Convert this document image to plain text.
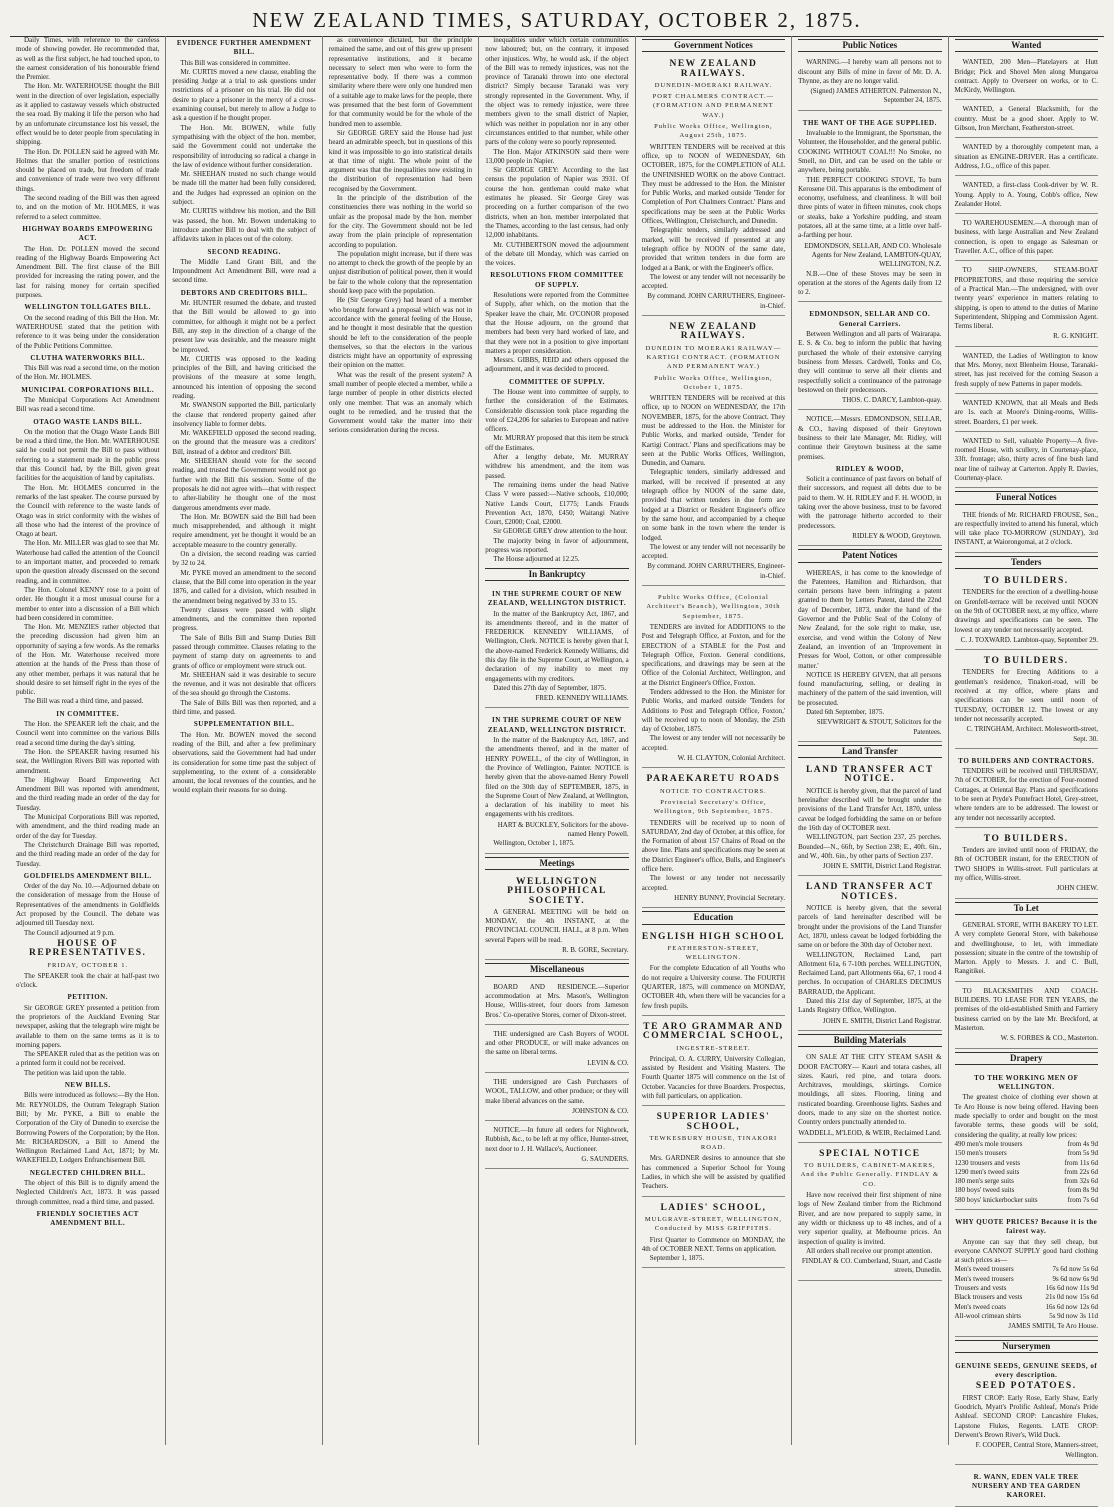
NEW ZEALAND TIMES, SATURDAY, OCTOBER 2, 1875.

Daily Times, with reference to the careless mode of showing powder. He recommended that, as well as the first subject, he had touched upon, to the earnest consideration of his honourable friend the Premier.

The Hon. Mr. WATERHOUSE thought the Bill went in the direction of over legislation, especially as it applied to castaway vessels which obstructed the sea road. By making it life the person who had by an unfortunate circumstance lost his vessel, the effect would be to deter people from speculating in shipping.

The Hon. Dr. POLLEN said he agreed with Mr. Holmes that the smaller portion of restrictions should be placed on trade, but freedom of trade and convenience of trade were two very different things.

The second reading of the Bill was then agreed to, and on the motion of Mr. HOLMES, it was referred to a select committee.

HIGHWAY BOARDS EMPOWERING ACT.

The Hon. Dr. POLLEN moved the second reading of the Highway Boards Empowering Act Amendment Bill. The first clause of the Bill provided for increasing the rating power, and the last for raising money for certain specified purposes.

WELLINGTON TOLLGATES BILL.

On the second reading of this Bill the Hon. Mr. WATERHOUSE stated that the petition with reference to it was being under the consideration of the Public Petitions Committee.

CLUTHA WATERWORKS BILL.

This Bill was read a second time, on the motion of the Hon. Mr. HOLMES.

MUNICIPAL CORPORATIONS BILL.

The Municipal Corporations Act Amendment Bill was read a second time.

OTAGO WASTE LANDS BILL.

On the motion that the Otago Waste Lands Bill be read a third time, the Hon. Mr. WATERHOUSE said he could not permit the Bill to pass without referring to a statement made in the public press that this Council had, by the Bill, given great facilities for the acquisition of land by capitalists.

The Hon. Mr. HOLMES concurred in the remarks of the last speaker. The course pursued by the Council with reference to the waste lands of Otago was in strict conformity with the wishes of all those who had the interest of the province of Otago at heart.

The Hon. Mr. MILLER was glad to see that Mr. Waterhouse had called the attention of the Council to an important matter, and proceeded to remark upon the question already discussed on the second reading, and in committee.

The Hon. Colonel KENNY rose to a point of order. He thought it a most unusual course for a member to enter into a discussion of a Bill which had been considered in committee.

The Hon. Mr. MENZIES rather objected that the preceding discussion had given him an opportunity of saying a few words. As the remarks of the Hon. Mr. Waterhouse received more attention at the hands of the Press than those of any other member, perhaps it was natural that he should desire to set himself right in the eyes of the public.

The Bill was read a third time, and passed.

IN COMMITTEE.

The Hon. the SPEAKER left the chair, and the Council went into committee on the various Bills read a second time during the day's sitting.

The Hon. the SPEAKER having resumed his seat, the Wellington Rivers Bill was reported with amendment.

The Highway Board Empowering Act Amendment Bill was reported with amendment, and the third reading made an order of the day for Tuesday.

The Municipal Corporations Bill was reported, with amendment, and the third reading made an order of the day for Tuesday.

The Christchurch Drainage Bill was reported, and the third reading made an order of the day for Tuesday.

GOLDFIELDS AMENDMENT BILL.

Order of the day No. 10.—Adjourned debate on the consideration of message from the House of Representatives of the amendments in Goldfields Act proposed by the Council. The debate was adjourned till Tuesday next.

The Council adjourned at 9 p.m.

HOUSE OF REPRESENTATIVES.
FRIDAY, OCTOBER 1.

The SPEAKER took the chair at half-past two o'clock.

PETITION.

Sir GEORGE GREY presented a petition from the proprietors of the Auckland Evening Star newspaper, asking that the telegraph wire might be available to them on the same terms as it is to morning papers.

The SPEAKER ruled that as the petition was on a printed form it could not be received.

The petition was laid upon the table.

NEW BILLS.

Bills were introduced as follows:—By the Hon. Mr. REYNOLDS, the Outram Telegraph Station Bill; by Mr. PYKE, a Bill to enable the Corporation of the City of Dunedin to exercise the Borrowing Powers of the Corporation; by the Hon. Mr. RICHARDSON, a Bill to Amend the Wellington Reclaimed Land Act, 1871; by Mr. WAKEFIELD, Lodgers Enfranchisement Bill.

NEGLECTED CHILDREN BILL.

The object of this Bill is to dignify amend the Neglected Children's Act, 1873. It was passed through committee, read a third time, and passed.

FRIENDLY SOCIETIES ACT AMENDMENT BILL.
EVIDENCE FURTHER AMENDMENT BILL.

This Bill was considered in committee.

Mr. CURTIS moved a new clause, enabling the presiding Judge at a trial to ask questions under restrictions of a prisoner on his trial. He did not desire to place a prisoner in the mercy of a cross-examining counsel, but merely to allow a Judge to ask a question if he thought proper.

The Hon. Mr. BOWEN, while fully sympathising with the object of the hon. member, said the Government could not undertake the responsibility of introducing so radical a change in the law of evidence without further consideration.

Mr. SHEEHAN trusted no such change would be made till the matter had been fully considered, and the Judges had expressed an opinion on the subject.

Mr. CURTIS withdrew his motion, and the Bill was passed, the hon. Mr. Bowen undertaking to introduce another Bill to deal with the subject of affidavits taken in places out of the colony.

SECOND READING.

The Middle Land Grant Bill, and the Impoundment Act Amendment Bill, were read a second time.

DEBTORS AND CREDITORS BILL.

Mr. HUNTER resumed the debate, and trusted that the Bill would be allowed to go into committee, for although it might not be a perfect Bill, any step in the direction of a change of the present law was desirable, and the measure might be improved.

Mr. CURTIS was opposed to the leading principles of the Bill, and having criticised the provisions of the measure at some length, announced his intention of opposing the second reading.

Mr. SWANSON supported the Bill, particularly the clause that rendered property gained after insolvency liable to former debts.

Mr. WAKEFIELD opposed the second reading, on the ground that the measure was a creditors' Bill, instead of a debtor and creditors' Bill.

Mr. SHEEHAN should vote for the second reading, and trusted the Government would not go further with the Bill this session. Some of the proposals he did not agree with—that with respect to after-liability he thought one of the most dangerous amendments ever made.

The Hon. Mr. BOWEN said the Bill had been much misapprehended, and although it might require amendment, yet he thought it would be an acceptable measure to the country generally.

On a division, the second reading was carried by 32 to 24.

Mr. PYKE moved an amendment to the second clause, that the Bill come into operation in the year 1876, and called for a division, which resulted in the amendment being negatived by 33 to 15.

Twenty clauses were passed with slight amendments, and the committee then reported progress.

The Sale of Bills Bill and Stamp Duties Bill passed through committee. Clauses relating to the payment of stamp duty on agreements to and grants of office or employment were struck out.

Mr. SHEEHAN said it was desirable to secure the revenue, and it was not desirable that officers of the sea should go through the Customs.

The Sale of Bills Bill was then reported, and a third time, and passed.

SUPPLEMENTATION BILL.

The Hon. Mr. BOWEN moved the second reading of the Bill, and after a few preliminary observations, said the Government had had under its consideration for some time past the subject of supplementing, to the extent of a considerable amount, the local revenues of the counties, and he would explain their reasons for so doing.

as convenience dictated, but the principle remained the same, and out of this grew up present representative institutions, and it became necessary to select men who were to form the representative body. If there was a common similarity where there were only one hundred men of a suitable age to make laws for the people, there was presumed that the best form of Government for that community would be for the whole of the hundred men to assemble.

Sir GEORGE GREY said the House had just heard an admirable speech, but in questions of this kind it was impossible to go into statistical details at that time of night. The whole point of the argument was that the inequalities now existing in the distribution of representation had been recognised by the Government.

In the principle of the distribution of the constituencies there was nothing in the world so unfair as the proposal made by the hon. member for the city. The Government should not be led away from the plain principle of representation according to population.

The population might increase, but if there was no attempt to check the growth of the people by an unjust distribution of political power, then it would be fair to the whole colony that the representation should keep pace with the population.

He (Sir George Grey) had heard of a member who brought forward a proposal which was not in accordance with the general feeling of the House, and he thought it most desirable that the question should be left to the consideration of the people themselves, so that the electors in the various districts might have an opportunity of expressing their opinion on the matter.

What was the result of the present system? A small number of people elected a member, while a large number of people in other districts elected only one member. That was an anomaly which ought to be remedied, and he trusted that the Government would take the matter into their serious consideration during the recess.

inequalities under which certain communities now laboured; but, on the contrary, it imposed other injustices. Why, he would ask, if the object of the Bill was to remedy injustices, was not the province of Taranaki thrown into one electoral district? Simply because Taranaki was very strongly represented in the Government. Why, if the object was to remedy injustice, were three members given to the small district of Napier, which was neither in population nor in any other circumstances entitled to that number, while other parts of the colony were so poorly represented.

The Hon. Major ATKINSON said there were 13,000 people in Napier.

Sir GEORGE GREY: According to the last census the population of Napier was 3931. Of course the hon. gentleman could make what estimates he pleased. Sir George Grey was proceeding on a further comparison of the two districts, when an hon. member interpolated that the Thames, according to the last census, had only 12,000 inhabitants.

Mr. CUTHBERTSON moved the adjournment of the debate till Monday, which was carried on the voices.

RESOLUTIONS FROM COMMITTEE OF SUPPLY.

Resolutions were reported from the Committee of Supply, after which, on the motion that the Speaker leave the chair, Mr. O'CONOR proposed that the House adjourn, on the ground that members had been very hard worked of late, and that they were not in a position to give important matters a proper consideration.

Messrs. GIBBS, REID and others opposed the adjournment, and it was decided to proceed.

COMMITTEE OF SUPPLY.

The House went into committee of supply, to further the consideration of the Estimates. Considerable discussion took place regarding the vote of £24,206 for salaries to European and native officers.

Mr. MURRAY proposed that this item be struck off the Estimates.

After a lengthy debate, Mr. MURRAY withdrew his amendment, and the item was passed.

The remaining items under the head Native Class V were passed:—Native schools, £10,000; Native Lands Court, £1775; Lands Frauds Prevention Act, 1870, £450; Waitangi Native Court, £2000; Coal, £2000.

Sir GEORGE GREY drew attention to the hour.

The majority being in favor of adjournment, progress was reported.

The House adjourned at 12.25.

In Bankruptcy
IN THE SUPREME COURT OF NEW ZEALAND, WELLINGTON DISTRICT.

In the matter of the Bankruptcy Act, 1867, and its amendments thereof, and in the matter of FREDERICK KENNEDY WILLIAMS, of Wellington, Clerk. NOTICE is hereby given that I, the above-named Frederick Kennedy Williams, did this day file in the Supreme Court, at Wellington, a declaration of my inability to meet my engagements with my creditors.

Dated this 27th day of September, 1875.

FRED. KENNEDY WILLIAMS.
IN THE SUPREME COURT OF NEW ZEALAND, WELLINGTON DISTRICT.

In the matter of the Bankruptcy Act, 1867, and the amendments thereof, and in the matter of HENRY POWELL, of the city of Wellington, in the Province of Wellington, Painter. NOTICE is hereby given that the above-named Henry Powell filed on the 30th day of SEPTEMBER, 1875, in the Supreme Court of New Zealand, at Wellington, a declaration of his inability to meet his engagements with his creditors.

HART & BUCKLEY, Solicitors for the above-named Henry Powell.

Wellington, October 1, 1875.

Meetings
WELLINGTON PHILOSOPHICAL SOCIETY.

A GENERAL MEETING will be held on MONDAY, the 4th INSTANT, at the PROVINCIAL COUNCIL HALL, at 8 p.m. When several Papers will be read.

R. B. GORE, Secretary.
Miscellaneous

BOARD AND RESIDENCE.—Superior accommodation at Mrs. Mason's, Wellington House, Willis-street, four doors from Jameson Bros.' Co-operative Stores, corner of Dixon-street.

THE undersigned are Cash Buyers of WOOL and other PRODUCE, or will make advances on the same on liberal terms.

LEVIN & CO.

THE undersigned are Cash Purchasers of WOOL, TALLOW, and other produce; or they will make liberal advances on the same.

JOHNSTON & CO.

NOTICE.—In future all orders for Nightwork, Rubbish, &c., to be left at my office, Hunter-street, next door to J. H. Wallace's, Auctioneer.

G. SAUNDERS.
Government Notices
NEW ZEALAND RAILWAYS.
DUNEDIN-MOERAKI RAILWAY.
PORT CHALMERS CONTRACT.—(FORMATION AND PERMANENT WAY.)
Public Works Office, Wellington, August 25th, 1875.

WRITTEN TENDERS will be received at this office, up to NOON of WEDNESDAY, 6th OCTOBER, 1875, for the COMPLETION of ALL the UNFINISHED WORK on the above Contract. They must be addressed to the Hon. the Minister for Public Works, and marked outside 'Tender for Completion of Port Chalmers Contract.' Plans and specifications may be seen at the Public Works Offices, Wellington, Christchurch, and Dunedin.

Telegraphic tenders, similarly addressed and marked, will be received if presented at any telegraph office by NOON of the same date, provided that written tenders in due form are lodged at a Bank, or with the Engineer's office.

The lowest or any tender will not necessarily be accepted.

By command. JOHN CARRUTHERS, Engineer-in-Chief.
NEW ZEALAND RAILWAYS.
DUNEDIN TO MOERAKI RAILWAY—KARTIGI CONTRACT. (FORMATION AND PERMANENT WAY.)
Public Works Office, Wellington, October 1, 1875.

WRITTEN TENDERS will be received at this office, up to NOON on WEDNESDAY, the 17th NOVEMBER, 1875, for the above Contract. They must be addressed to the Hon. the Minister for Public Works, and marked outside, 'Tender for Kartigi Contract.' Plans and specifications may be seen at the Public Works Offices, Wellington, Dunedin, and Oamaru.

Telegraphic tenders, similarly addressed and marked, will be received if presented at any telegraph office by NOON of the same date, provided that written tenders in due form are lodged at a District or Resident Engineer's office by the same hour, and accompanied by a cheque on some bank in the town where the tender is lodged.

The lowest or any tender will not necessarily be accepted.

By command. JOHN CARRUTHERS, Engineer-in-Chief.
Public Works Office, (Colonial Architect's Branch), Wellington, 30th September, 1875.

TENDERS are invited for ADDITIONS to the Post and Telegraph Office, at Foxton, and for the ERECTION of a STABLE for the Post and Telegraph Office, Foxton. General conditions, specifications, and drawings may be seen at the Office of the Colonial Architect, Wellington, and at the District Engineer's Office, Foxton.

Tenders addressed to the Hon. the Minister for Public Works, and marked outside 'Tenders for Additions to Post and Telegraph Office, Foxton,' will be received up to noon of Monday, the 25th day of October, 1875.

The lowest or any tender will not necessarily be accepted.

W. H. CLAYTON, Colonial Architect.
PARAEKARETU ROADS
NOTICE TO CONTRACTORS.
Provincial Secretary's Office, Wellington, 9th September, 1875.

TENDERS will be received up to noon of SATURDAY, 2nd day of October, at this office, for the Formation of about 157 Chains of Road on the above line. Plans and specifications may be seen at the District Engineer's office, Bulls, and Engineer's office here.

The lowest or any tender not necessarily accepted.

HENRY BUNNY, Provincial Secretary.
Education
ENGLISH HIGH SCHOOL
FEATHERSTON-STREET, WELLINGTON.

For the complete Education of all Youths who do not require a University course. The FOURTH QUARTER, 1875, will commence on MONDAY, OCTOBER 4th, when there will be vacancies for a few fresh pupils.

TE ARO GRAMMAR AND COMMERCIAL SCHOOL,
INGESTRE-STREET.

Principal, O. A. CURRY, University Collegian, assisted by Resident and Visiting Masters. The Fourth Quarter 1875 will commence on the 1st of October. Vacancies for three Boarders. Prospectus, with full particulars, on application.

SUPERIOR LADIES' SCHOOL,
TEWKESBURY HOUSE, TINAKORI ROAD.

Mrs. GARDNER desires to announce that she has commenced a Superior School for Young Ladies, in which she will be assisted by qualified Teachers.

LADIES' SCHOOL,
MULGRAVE-STREET, WELLINGTON, Conducted by MISS GRIFFITHS.

First Quarter to Commence on MONDAY, the 4th of OCTOBER NEXT. Terms on application.

September 1, 1875.

Public Notices

WARNING.—I hereby warn all persons not to discount any Bills of mine in favor of Mr. D. A. Thynne, as they are no longer valid.

(Signed) JAMES ATHERTON. Palmerston N., September 24, 1875.
THE WANT OF THE AGE SUPPLIED.

Invaluable to the Immigrant, the Sportsman, the Volunteer, the Householder, and the general public. COOKING WITHOUT COAL!!! No Smoke, no Smell, no Dirt, and can be used on the table or anywhere, being portable.

THE PERFECT COOKING STOVE, To burn Kerosene Oil. This apparatus is the embodiment of economy, usefulness, and cleanliness. It will boil three pints of water in fifteen minutes, cook chops or steaks, bake a Yorkshire pudding, and steam potatoes, all at the same time, at a little over half-a-farthing per hour.

EDMONDSON, SELLAR, AND CO. Wholesale Agents for New Zealand, LAMBTON-QUAY, WELLINGTON, N.Z.

N.B.—One of these Stoves may be seen in operation at the stores of the Agents daily from 12 to 2.

EDMONDSON, SELLAR AND CO. General Carriers.

Between Wellington and all parts of Wairarapa. E. S. & Co. beg to inform the public that having purchased the whole of their extensive carrying business from Messrs. Cardwell, Tonks and Co, they will continue to serve all their clients and respectfully solicit a continuance of the patronage bestowed on their predecessors.

THOS. C. DARCY, Lambton-quay.

NOTICE.—Messrs. EDMONDSON, SELLAR, & CO., having disposed of their Greytown business to their late Manager, Mr. Ridley, will continue their Greytown business at the same premises.

RIDLEY & WOOD,

Solicit a continuance of past favors on behalf of their successors, and request all debts due to be paid to them. W. H. RIDLEY and F. H. WOOD, in taking over the above business, trust to be favored with the patronage hitherto accorded to their predecessors.

RIDLEY & WOOD, Greytown.
Patent Notices

WHEREAS, it has come to the knowledge of the Patentees, Hamilton and Richardson, that certain persons have been infringing a patent granted to them by Letters Patent, dated the 22nd day of December, 1873, under the hand of the Governor and the Public Seal of the Colony of New Zealand, for the sole right to make, use, exercise, and vend within the Colony of New Zealand, an invention of an 'Improvement in Presses for Wool, Cotton, or other compressible matter.'

NOTICE IS HEREBY GIVEN, that all persons found manufacturing, selling, or dealing in machinery of the pattern of the said invention, will be prosecuted.

Dated 6th September, 1875.

SIEVWRIGHT & STOUT, Solicitors for the Patentees.
Land Transfer
LAND TRANSFER ACT NOTICE.

NOTICE is hereby given, that the parcel of land hereinafter described will be brought under the provisions of the Land Transfer Act, 1870, unless caveat be lodged forbidding the same on or before the 16th day of OCTOBER next.

WELLINGTON, part Section 237, 25 perches. Bounded—N., 66ft, by Section 238; E., 40ft. 6in., and W., 40ft. 6in., by other parts of Section 237.

JOHN E. SMITH, District Land Registrar.
LAND TRANSFER ACT NOTICES.

NOTICE is hereby given, that the several parcels of land hereinafter described will be brought under the provisions of the Land Transfer Act, 1870, unless caveat be lodged forbidding the same on or before the 30th day of October next.

WELLINGTON, Reclaimed Land, part Allotment 61a, 6 7-10th perches. WELLINGTON, Reclaimed Land, part Allotments 66a, 67, 1 rood 4 perches. In occupation of CHARLES DECIMUS BARRAUD, the Applicant.

Dated this 21st day of September, 1875, at the Lands Registry Office, Wellington.

JOHN E. SMITH, District Land Registrar.
Building Materials

ON SALE AT THE CITY STEAM SASH & DOOR FACTORY— Kauri and totara cashes, all sizes. Kauri, red pine, and totara doors. Architraves, mouldings, skirtings. Cornice mouldings, all sizes. Flooring, lining and rusticated boarding. Greenhouse lights. Sashes and doors, made to any size on the shortest notice. Country orders punctually attended to.

WADDELL, M'LEOD, & WEIR, Reclaimed Land.
SPECIAL NOTICE
TO BUILDERS, CABINET-MAKERS, And the Public Generally. FINDLAY & CO.

Have now received their first shipment of nine logs of New Zealand timber from the Richmond River, and are now prepared to supply same, in any width or thickness up to 48 inches, and of a very superior quality, at Melbourne prices. An inspection of quality is invited.

All orders shall receive our prompt attention.

FINDLAY & CO. Cumberland, Stuart, and Castle streets, Dunedin.
Wanted

WANTED, 200 Men—Platelayers at Hutt Bridge; Pick and Shovel Men along Mungaroa contract. Apply to Overseer on works, or to C. McKirdy, Wellington.

WANTED, a General Blacksmith, for the country. Must be a good shoer. Apply to W. Gibson, Iron Merchant, Featherston-street.

WANTED by a thoroughly competent man, a situation as ENGINE-DRIVER. Has a certificate. Address, J.G., office of this paper.

WANTED, a first-class Cook-driver by W. R. Young. Apply to A. Young, Cobb's office, New Zealander Hotel.

TO WAREHOUSEMEN.—A thorough man of business, with large Australian and New Zealand connection, is open to engage as Salesman or Traveller. A.C., office of this paper.

TO SHIP-OWNERS, STEAM-BOAT PROPRIETORS, and those requiring the service of a Practical Man.—The undersigned, with over twenty years' experience in matters relating to shipping, is open to attend to the duties of Marine Superintendent, Shipping and Commission Agent. Terms liberal.

R. G. KNIGHT.

WANTED, the Ladies of Wellington to know that Mrs. Morey, next Blenheim House, Taranaki-street, has just received for the coming Season a fresh supply of new Patterns in paper models.

WANTED KNOWN, that all Meals and Beds are 1s. each at Moore's Dining-rooms, Willis-street. Boarders, £1 per week.

WANTED to Sell, valuable Property—A five-roomed House, with scullery, in Courtenay-place, 33ft. frontage; also, thirty acres of fine bush land near line of railway at Carterton. Apply R. Davies, Courtenay-place.

Funeral Notices

THE friends of Mr. RICHARD FROUSE, Sen., are respectfully invited to attend his funeral, which will take place TO-MORROW (SUNDAY), 3rd INSTANT, at Waiorongomai, at 2 o'clock.

Tenders
TO BUILDERS.

TENDERS for the erection of a dwelling-house on Grenfell-terrace will be received until NOON on the 9th of OCTOBER next, at my office, where drawings and specifications can be seen. The lowest or any tender not necessarily accepted.

C. J. TOXWARD. Lambton-quay, September 29.
TO BUILDERS.

TENDERS for Erecting Additions to a gentleman's residence, Tinakori-road, will be received at my office, where plans and specifications can be seen until noon of TUESDAY, OCTOBER 12. The lowest or any tender not necessarily accepted.

C. TRINGHAM, Architect. Molesworth-street, Sept. 30.
TO BUILDERS AND CONTRACTORS.

TENDERS will be received until THURSDAY, 7th of OCTOBER, for the erection of Four-roomed Cottages, at Oriental Bay. Plans and specifications to be seen at Pryde's Pontefract Hotel, Grey-street, where tenders are to be addressed. The lowest or any tender not necessarily accepted.

TO BUILDERS.

Tenders are invited until noon of FRIDAY, the 8th of OCTOBER instant, for the ERECTION of TWO SHOPS in Willis-street. Full particulars at my office, Willis-street.

JOHN CHEW.
To Let

GENERAL STORE, WITH BAKERY TO LET. A very complete General Store, with bakehouse and dwellinghouse, to let, with immediate possession; situate in the centre of the township of Marton. Apply to Messrs. J. and C. Bull, Rangitikei.

TO BLACKSMITHS AND COACH-BUILDERS. TO LEASE FOR TEN YEARS, the premises of the old-established Smith and Farriery business carried on by the late Mr. Breckford, at Masterton.

W. S. FORBES & CO., Masterton.
Drapery
TO THE WORKING MEN OF WELLINGTON.

The greatest choice of clothing ever shown at Te Aro House is now being offered. Having been made specially to order and bought on the most favorable terms, these goods will be sold, considering the quality, at really low prices:

490 men's mole trousers	from 4s 9d
150 men's trousers	from 5s 9d
1230 trousers and vests	from 11s 6d
1290 men's tweed suits	from 22s 6d
180 men's serge suits	from 32s 6d
180 boys' tweed suits	from 8s 9d
580 boys' knickerbocker suits	from 7s 6d
WHY QUOTE PRICES? Because it is the fairest way.

Anyone can say that they sell cheap, but everyone CANNOT SUPPLY good hard clothing at such prices as—

Men's tweed trousers	7s 6d now 5s 6d
Men's tweed trousers	9s 6d now 6s 9d
Trousers and vests	16s 6d now 11s 9d
Black trousers and vests	21s 0d now 15s 6d
Men's tweed coats	16s 6d now 12s 6d
All-wool crimean shirts	5s 9d now 3s 11d
JAMES SMITH, Te Aro House.
Nurserymen
GENUINE SEEDS, GENUINE SEEDS, of every description.
SEED POTATOES.

FIRST CROP: Early Rose, Early Shaw, Early Goodrich, Myatt's Prolific Ashleaf, Mona's Pride Ashleaf. SECOND CROP: Lancashire Flukes, Lapstone Flukes, Regents. LATE CROP: Derwent's Brown River's, Wild Duck.

F. COOPER, Central Store, Manners-street, Wellington.
R. WANN, EDEN VALE TREE NURSERY AND TEA GARDEN KAROREI.
